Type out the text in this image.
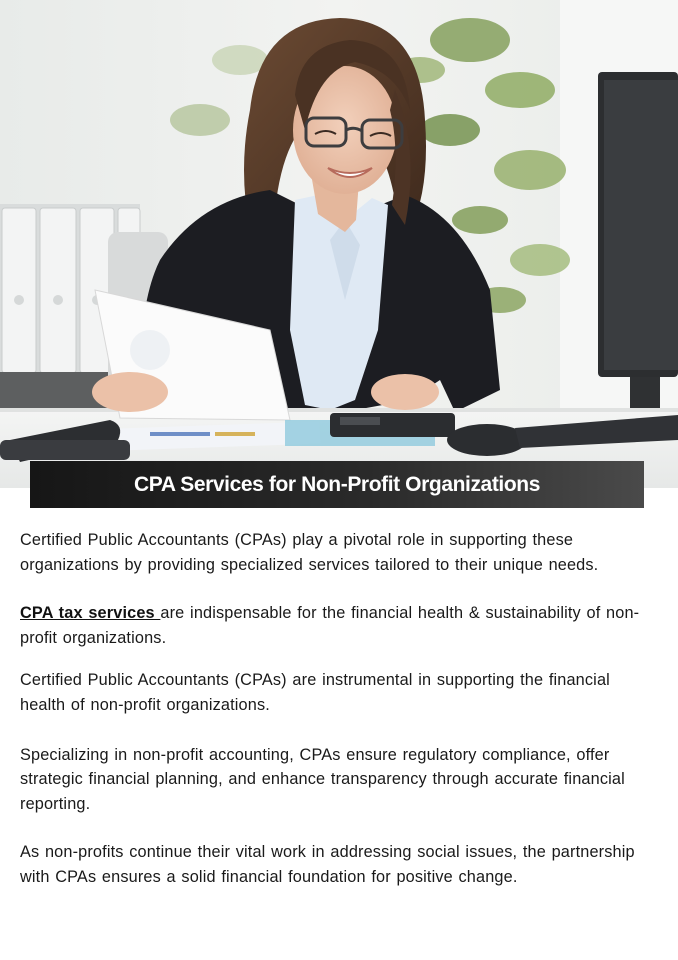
CPA Services for Non-Profit Organizations

Certified Public Accountants (CPAs) play a pivotal role in supporting these organizations by providing specialized services tailored to their unique needs.

CPA tax services are indispensable for the financial health & sustainability of non-profit organizations.

Certified Public Accountants (CPAs) are instrumental in supporting the financial health of non-profit organizations.

Specializing in non-profit accounting, CPAs ensure regulatory compliance, offer strategic financial planning, and enhance transparency through accurate financial reporting.

As non-profits continue their vital work in addressing social issues, the partnership with CPAs ensures a solid financial foundation for positive change.
